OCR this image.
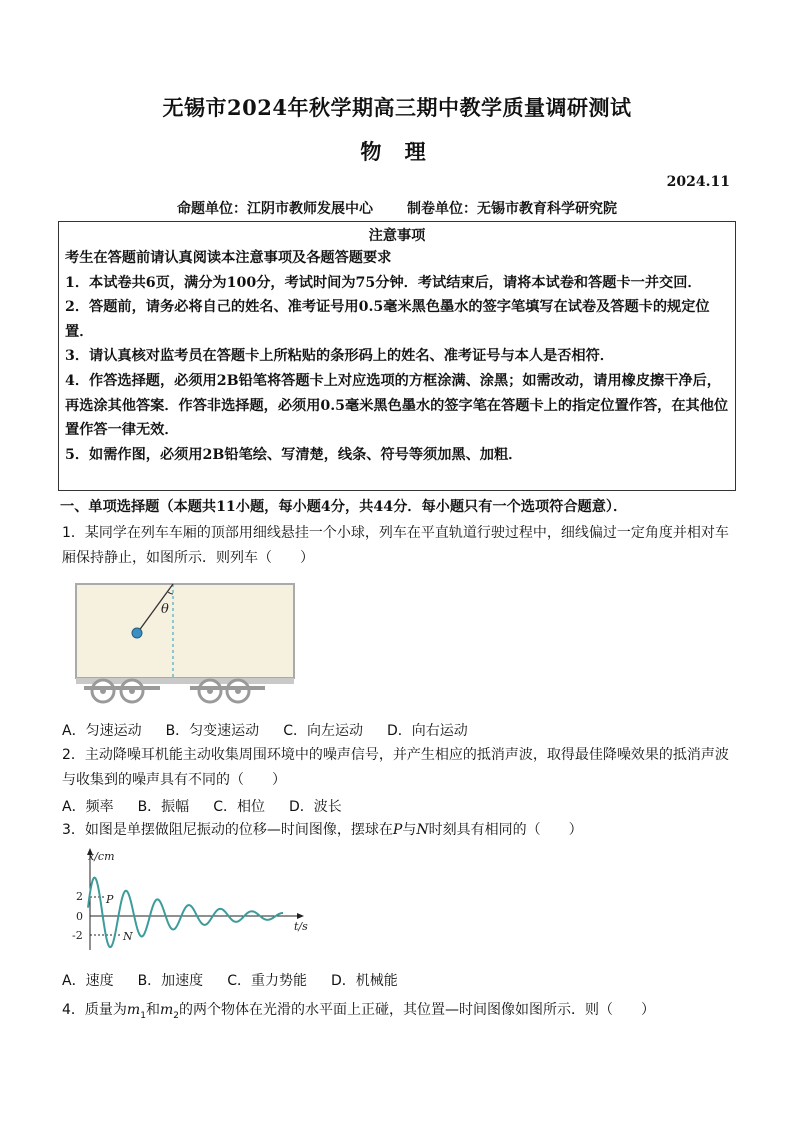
无锡市2024年秋学期高三期中教学质量调研测试
物 理
2024.11
命题单位：江阴市教师发展中心 制卷单位：无锡市教育科学研究院
注意事项

考生在答题前请认真阅读本注意事项及各题答题要求

1．本试卷共6页，满分为100分，考试时间为75分钟．考试结束后，请将本试卷和答题卡一并交回．

2．答题前，请务必将自己的姓名、准考证号用0.5毫米黑色墨水的签字笔填写在试卷及答题卡的规定位置．

3．请认真核对监考员在答题卡上所粘贴的条形码上的姓名、准考证号与本人是否相符．

4．作答选择题，必须用2B铅笔将答题卡上对应选项的方框涂满、涂黑；如需改动，请用橡皮擦干净后，再选涂其他答案．作答非选择题，必须用0.5毫米黑色墨水的签字笔在答题卡上的指定位置作答，在其他位置作答一律无效．

5．如需作图，必须用2B铅笔绘、写清楚，线条、符号等须加黑、加粗．

一、单项选择题（本题共11小题，每小题4分，共44分．每小题只有一个选项符合题意）．
1．某同学在列车车厢的顶部用细线悬挂一个小球，列车在平直轨道行驶过程中，细线偏过一定角度并相对车厢保持静止，如图所示．则列车（　　）
θ
A．匀速运动 B．匀变速运动 C．向左运动 D．向右运动
2．主动降噪耳机能主动收集周围环境中的噪声信号，并产生相应的抵消声波，取得最佳降噪效果的抵消声波与收集到的噪声具有不同的（　　）
A．频率 B．振幅 C．相位 D．波长
3．如图是单摆做阻尼振动的位移—时间图像，摆球在P与N时刻具有相同的（　　）
x/cm
t/s
2
0
-2
P
N
A．速度 B．加速度 C．重力势能 D．机械能
4．质量为$m_1$和$m_2$的两个物体在光滑的水平面上正碰，其位置—时间图像如图所示．则（　　）
